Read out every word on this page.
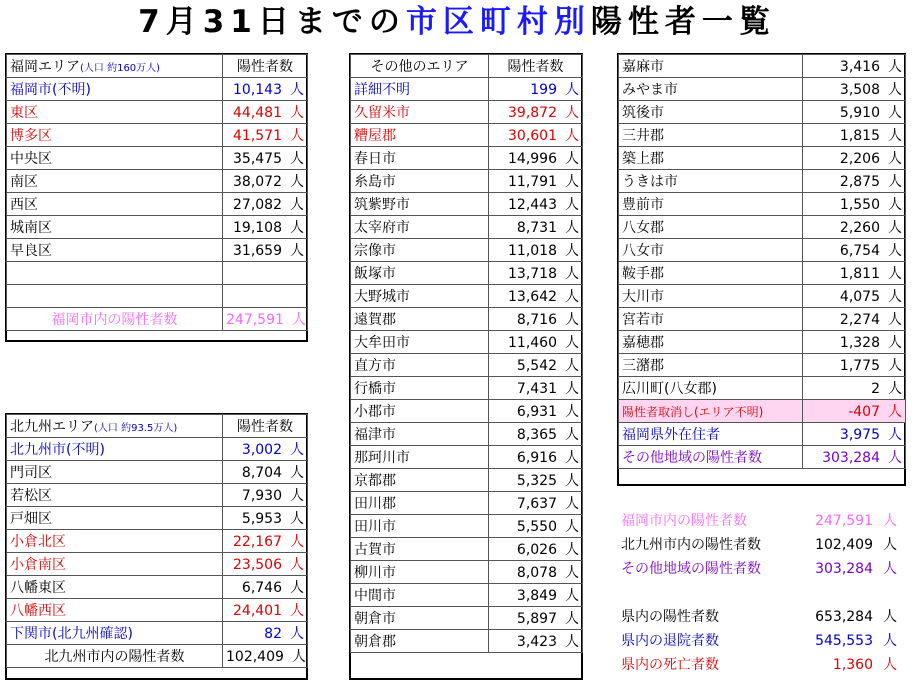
7月31日までの市区町村別陽性者一覧
福岡エリア(人口 約160万人)	陽性者数
福岡市(不明)	10,143 人
東区	44,481 人
博多区	41,571 人
中央区	35,475 人
南区	38,072 人
西区	27,082 人
城南区	19,108 人
早良区	31,659 人

福岡市内の陽性者数	247,591 人
北九州エリア(人口 約93.5万人)	陽性者数
北九州市(不明)	3,002 人
門司区	8,704 人
若松区	7,930 人
戸畑区	5,953 人
小倉北区	22,167 人
小倉南区	23,506 人
八幡東区	6,746 人
八幡西区	24,401 人
下関市(北九州確認)	82 人
北九州市内の陽性者数	102,409 人
その他のエリア	陽性者数
詳細不明	199 人
久留米市	39,872 人
糟屋郡	30,601 人
春日市	14,996 人
糸島市	11,791 人
筑紫野市	12,443 人
太宰府市	8,731 人
宗像市	11,018 人
飯塚市	13,718 人
大野城市	13,642 人
遠賀郡	8,716 人
大牟田市	11,460 人
直方市	5,542 人
行橋市	7,431 人
小郡市	6,931 人
福津市	8,365 人
那珂川市	6,916 人
京都郡	5,325 人
田川郡	7,637 人
田川市	5,550 人
古賀市	6,026 人
柳川市	8,078 人
中間市	3,849 人
朝倉市	5,897 人
朝倉郡	3,423 人
嘉麻市	3,416 人
みやま市	3,508 人
筑後市	5,910 人
三井郡	1,815 人
築上郡	2,206 人
うきは市	2,875 人
豊前市	1,550 人
八女郡	2,260 人
八女市	6,754 人
鞍手郡	1,811 人
大川市	4,075 人
宮若市	2,274 人
嘉穂郡	1,328 人
三潴郡	1,775 人
広川町(八女郡)	2 人
陽性者取消し(エリア不明)	-407 人
福岡県外在住者	3,975 人
その他地域の陽性者数	303,284 人
福岡市内の陽性者数	247,591 人
北九州市内の陽性者数	102,409 人
その他地域の陽性者数	303,284 人
県内の陽性者数	653,284 人
県内の退院者数	545,553 人
県内の死亡者数	1,360 人
